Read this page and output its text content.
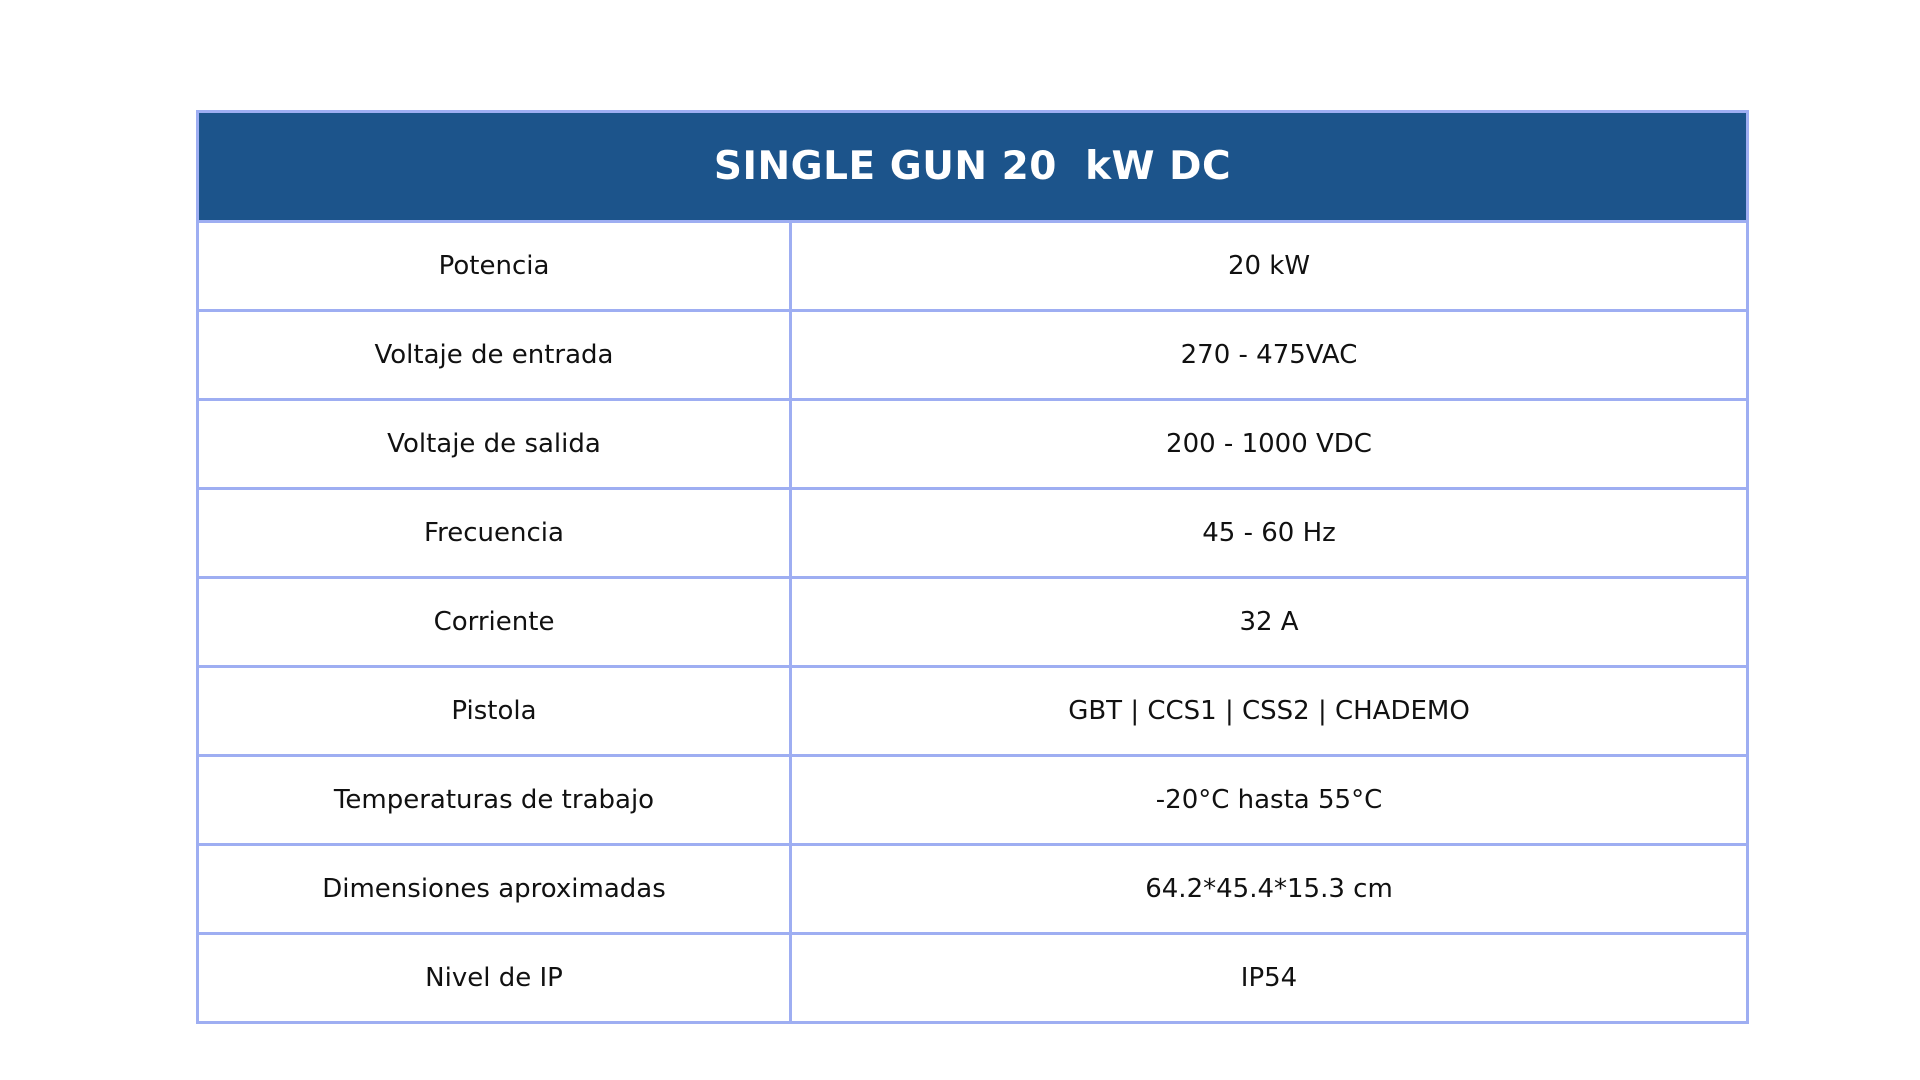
SINGLE GUN 20  kW DC	
Potencia	20 kW
Voltaje de entrada	270 - 475VAC
Voltaje de salida	200 - 1000 VDC
Frecuencia	45 - 60 Hz
Corriente	32 A
Pistola	GBT | CCS1 | CSS2 | CHADEMO
Temperaturas de trabajo	-20°C hasta 55°C
Dimensiones aproximadas	64.2*45.4*15.3 cm
Nivel de IP	IP54
